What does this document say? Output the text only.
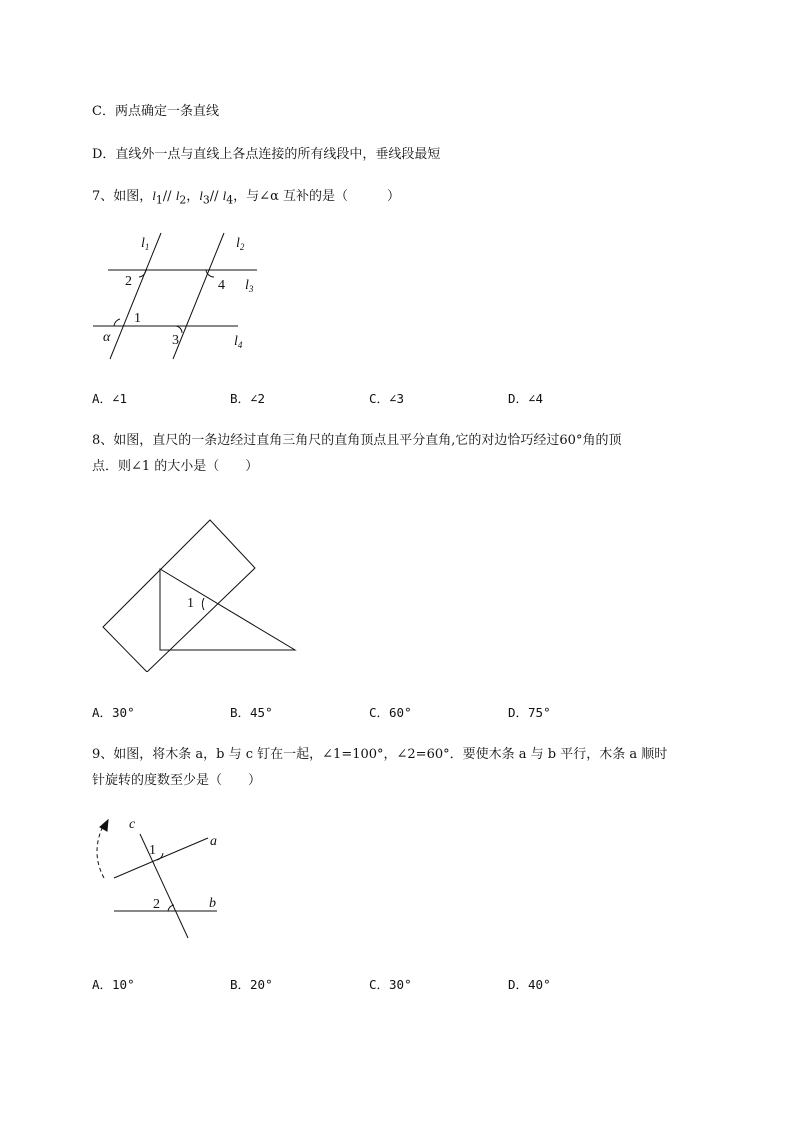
C．两点确定一条直线
D．直线外一点与直线上各点连接的所有线段中，垂线段最短
7、如图，$l_1//$ $l_2$，$l_3//$ $l_4$，与∠α 互补的是（　　　）
$l_1$	$l_2$
$l_3$
$l_4$
2	4
1
3
α
A．∠1	B．∠2	C．∠3	D．∠4
8、如图，直尺的一条边经过直角三角尺的直角顶点且平分直角,它的对边恰巧经过60°角的顶
点．则∠1 的大小是（　　）
1
A．30°	B．45°	C．60°	D．75°
9、如图，将木条 a，b 与 c 钉在一起，∠1=100°，∠2=60°．要使木条 a 与 b 平行，木条 a 顺时
针旋转的度数至少是（　　）
c
a
b
1
2
A．10°	B．20°	C．30°	D．40°
